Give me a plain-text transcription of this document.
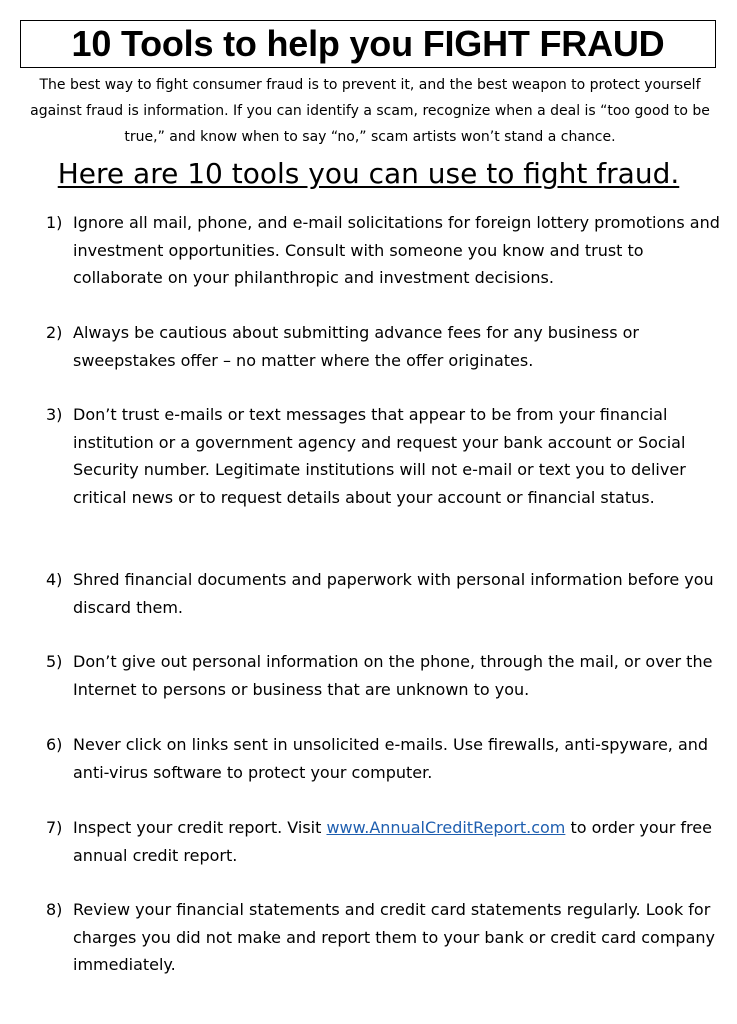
10 Tools to help you FIGHT FRAUD
The best way to fight consumer fraud is to prevent it, and the best weapon to protect yourself against fraud is information. If you can identify a scam, recognize when a deal is “too good to be true,” and know when to say “no,” scam artists won’t stand a chance.
Here are 10 tools you can use to fight fraud.
1) Ignore all mail, phone, and e-mail solicitations for foreign lottery promotions and investment opportunities. Consult with someone you know and trust to collaborate on your philanthropic and investment decisions.
2) Always be cautious about submitting advance fees for any business or sweepstakes offer – no matter where the offer originates.
3) Don’t trust e-mails or text messages that appear to be from your financial institution or a government agency and request your bank account or Social Security number. Legitimate institutions will not e-mail or text you to deliver critical news or to request details about your account or financial status.
4) Shred financial documents and paperwork with personal information before you discard them.
5) Don’t give out personal information on the phone, through the mail, or over the Internet to persons or business that are unknown to you.
6) Never click on links sent in unsolicited e-mails. Use firewalls, anti-spyware, and anti-virus software to protect your computer.
7) Inspect your credit report. Visit www.AnnualCreditReport.com to order your free annual credit report.
8) Review your financial statements and credit card statements regularly. Look for charges you did not make and report them to your bank or credit card company immediately.
